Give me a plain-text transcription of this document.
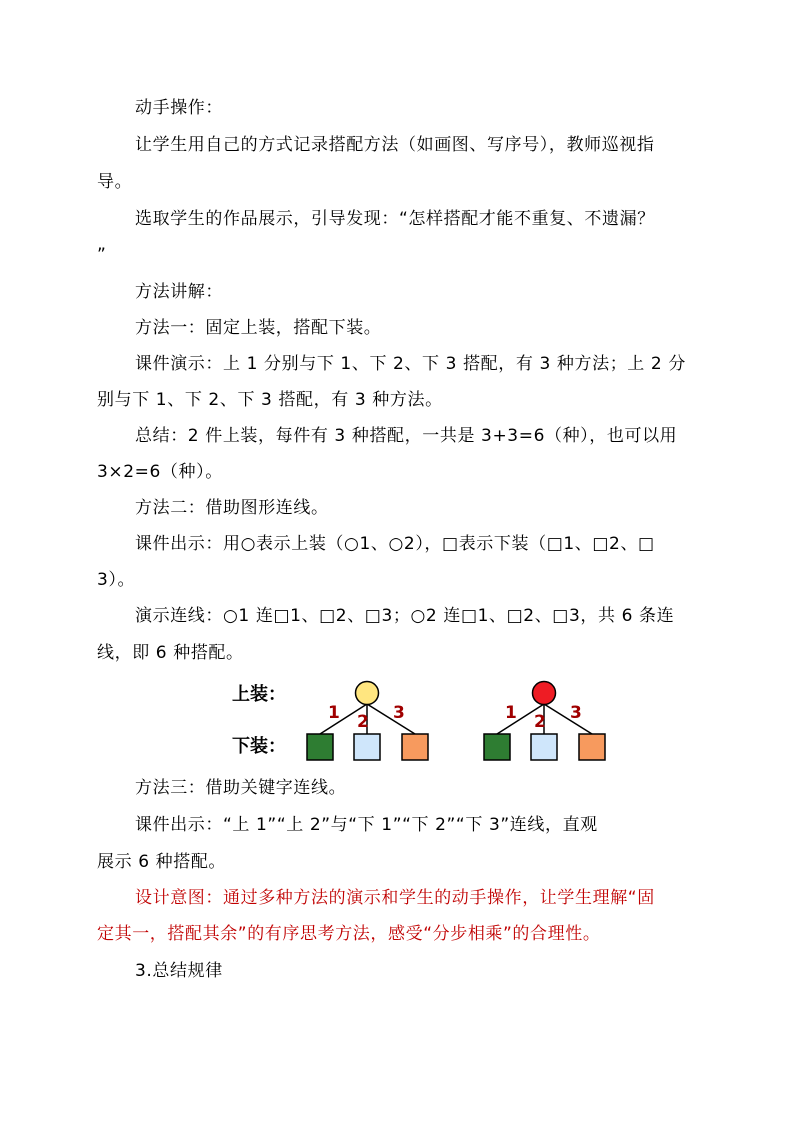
动手操作：
让学生用自己的方式记录搭配方法（如画图、写序号），教师巡视指
导。
选取学生的作品展示，引导发现：“怎样搭配才能不重复、不遗漏？
”
方法讲解：
方法一：固定上装，搭配下装。
课件演示：上 1 分别与下 1、下 2、下 3 搭配，有 3 种方法；上 2 分
别与下 1、下 2、下 3 搭配，有 3 种方法。
总结：2 件上装，每件有 3 种搭配，一共是 3+3=6（种），也可以用
3×2=6（种）。
方法二：借助图形连线。
课件出示：用○表示上装（○1、○2），□表示下装（□1、□2、□
3）。
演示连线：○1 连□1、□2、□3；○2 连□1、□2、□3，共 6 条连
线，即 6 种搭配。
上装：
下装：
1 2 3	1 2 3
方法三：借助关键字连线。
课件出示：“上 1”“上 2”与“下 1”“下 2”“下 3”连线，直观
展示 6 种搭配。
设计意图：通过多种方法的演示和学生的动手操作，让学生理解“固
定其一，搭配其余”的有序思考方法，感受“分步相乘”的合理性。
3.总结规律
